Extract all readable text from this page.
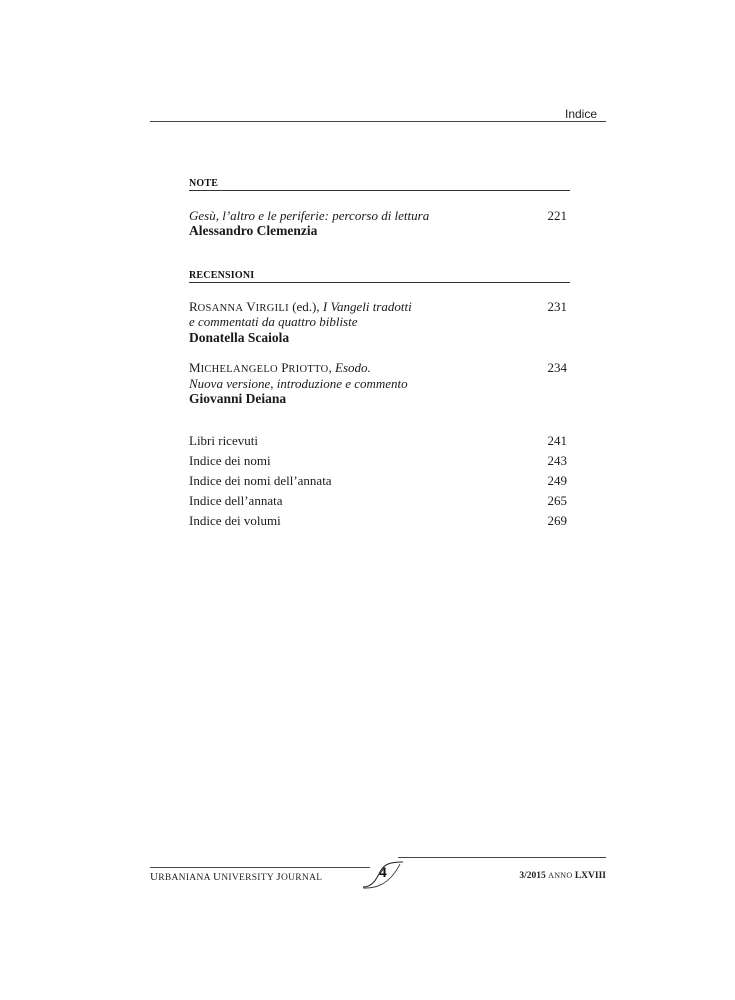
Indice
NOTE
Gesù, l’altro e le periferie: percorso di lettura	221
Alessandro Clemenzia
RECENSIONI
ROSANNA VIRGILI (ed.), I Vangeli tradotti	231
e commentati da quattro bibliste
Donatella Scaiola
MICHELANGELO PRIOTTO, Esodo.	234
Nuova versione, introduzione e commento
Giovanni Deiana
Libri ricevuti	241
Indice dei nomi	243
Indice dei nomi dell’annata	249
Indice dell’annata	265
Indice dei volumi	269
URBANIANA UNIVERSITY JOURNAL	4	3/2015 ANNO LXVIII
